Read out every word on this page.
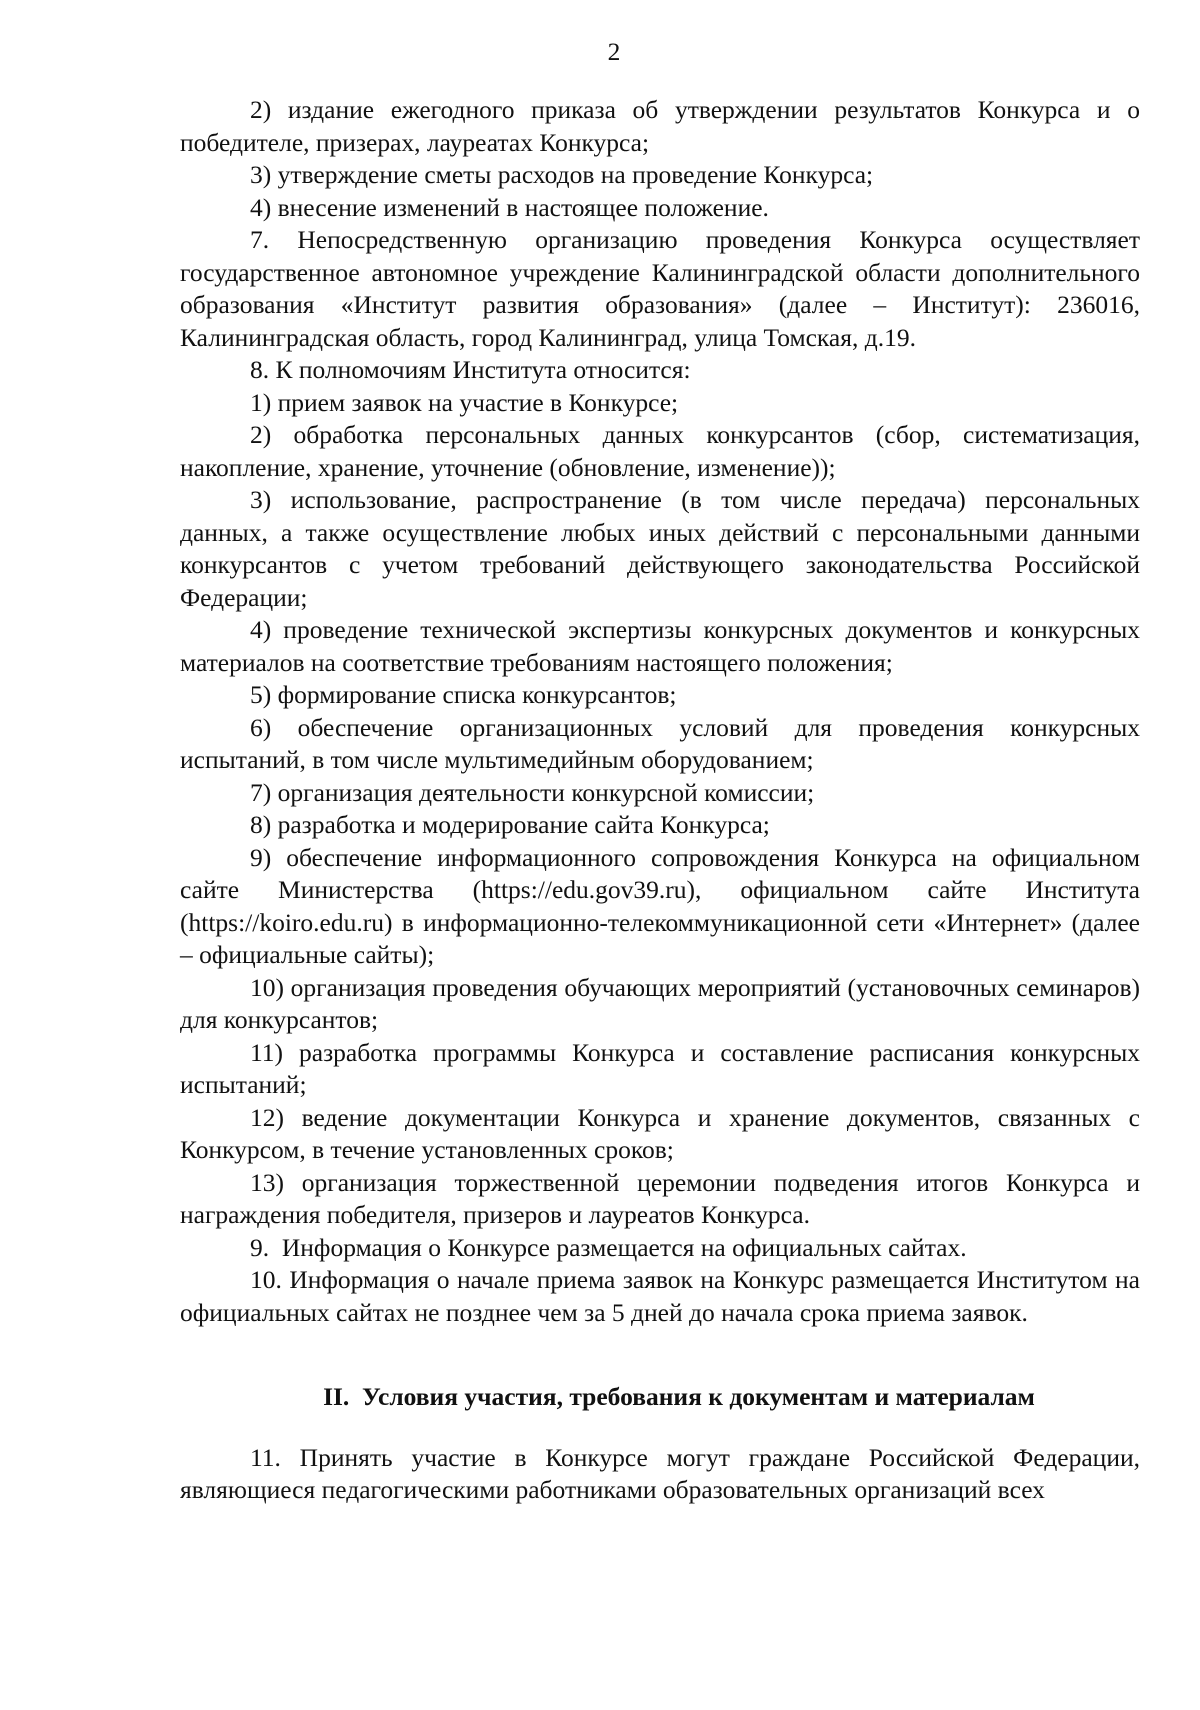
2

2) издание ежегодного приказа об утверждении результатов Конкурса и о победителе, призерах, лауреатах Конкурса;

3) утверждение сметы расходов на проведение Конкурса;

4) внесение изменений в настоящее положение.

7. Непосредственную организацию проведения Конкурса осуществляет государственное автономное учреждение Калининградской области дополнительного образования «Институт развития образования» (далее – Институт): 236016, Калининградская область, город Калининград, улица Томская, д.19.

8. К полномочиям Института относится:

1) прием заявок на участие в Конкурсе;

2) обработка персональных данных конкурсантов (сбор, систематизация, накопление, хранение, уточнение (обновление, изменение));

3) использование, распространение (в том числе передача) персональных данных, а также осуществление любых иных действий с персональными данными конкурсантов с учетом требований действующего законодательства Российской Федерации;

4) проведение технической экспертизы конкурсных документов и конкурсных материалов на соответствие требованиям настоящего положения;

5) формирование списка конкурсантов;

6) обеспечение организационных условий для проведения конкурсных испытаний, в том числе мультимедийным оборудованием;

7) организация деятельности конкурсной комиссии;

8) разработка и модерирование сайта Конкурса;

9) обеспечение информационного сопровождения Конкурса на официальном сайте Министерства (https://edu.gov39.ru), официальном сайте Института (https://koiro.edu.ru) в информационно-телекоммуникационной сети «Интернет» (далее – официальные сайты);

10) организация проведения обучающих мероприятий (установочных семинаров) для конкурсантов;

11) разработка программы Конкурса и составление расписания конкурсных испытаний;

12) ведение документации Конкурса и хранение документов, связанных с Конкурсом, в течение установленных сроков;

13) организация торжественной церемонии подведения итогов Конкурса и награждения победителя, призеров и лауреатов Конкурса.

9.  Информация о Конкурсе размещается на официальных сайтах.

10. Информация о начале приема заявок на Конкурс размещается Институтом на официальных сайтах не позднее чем за 5 дней до начала срока приема заявок.

II.  Условия участия, требования к документам и материалам

11. Принять участие в Конкурсе могут граждане Российской Федерации, являющиеся педагогическими работниками образовательных организаций всех
